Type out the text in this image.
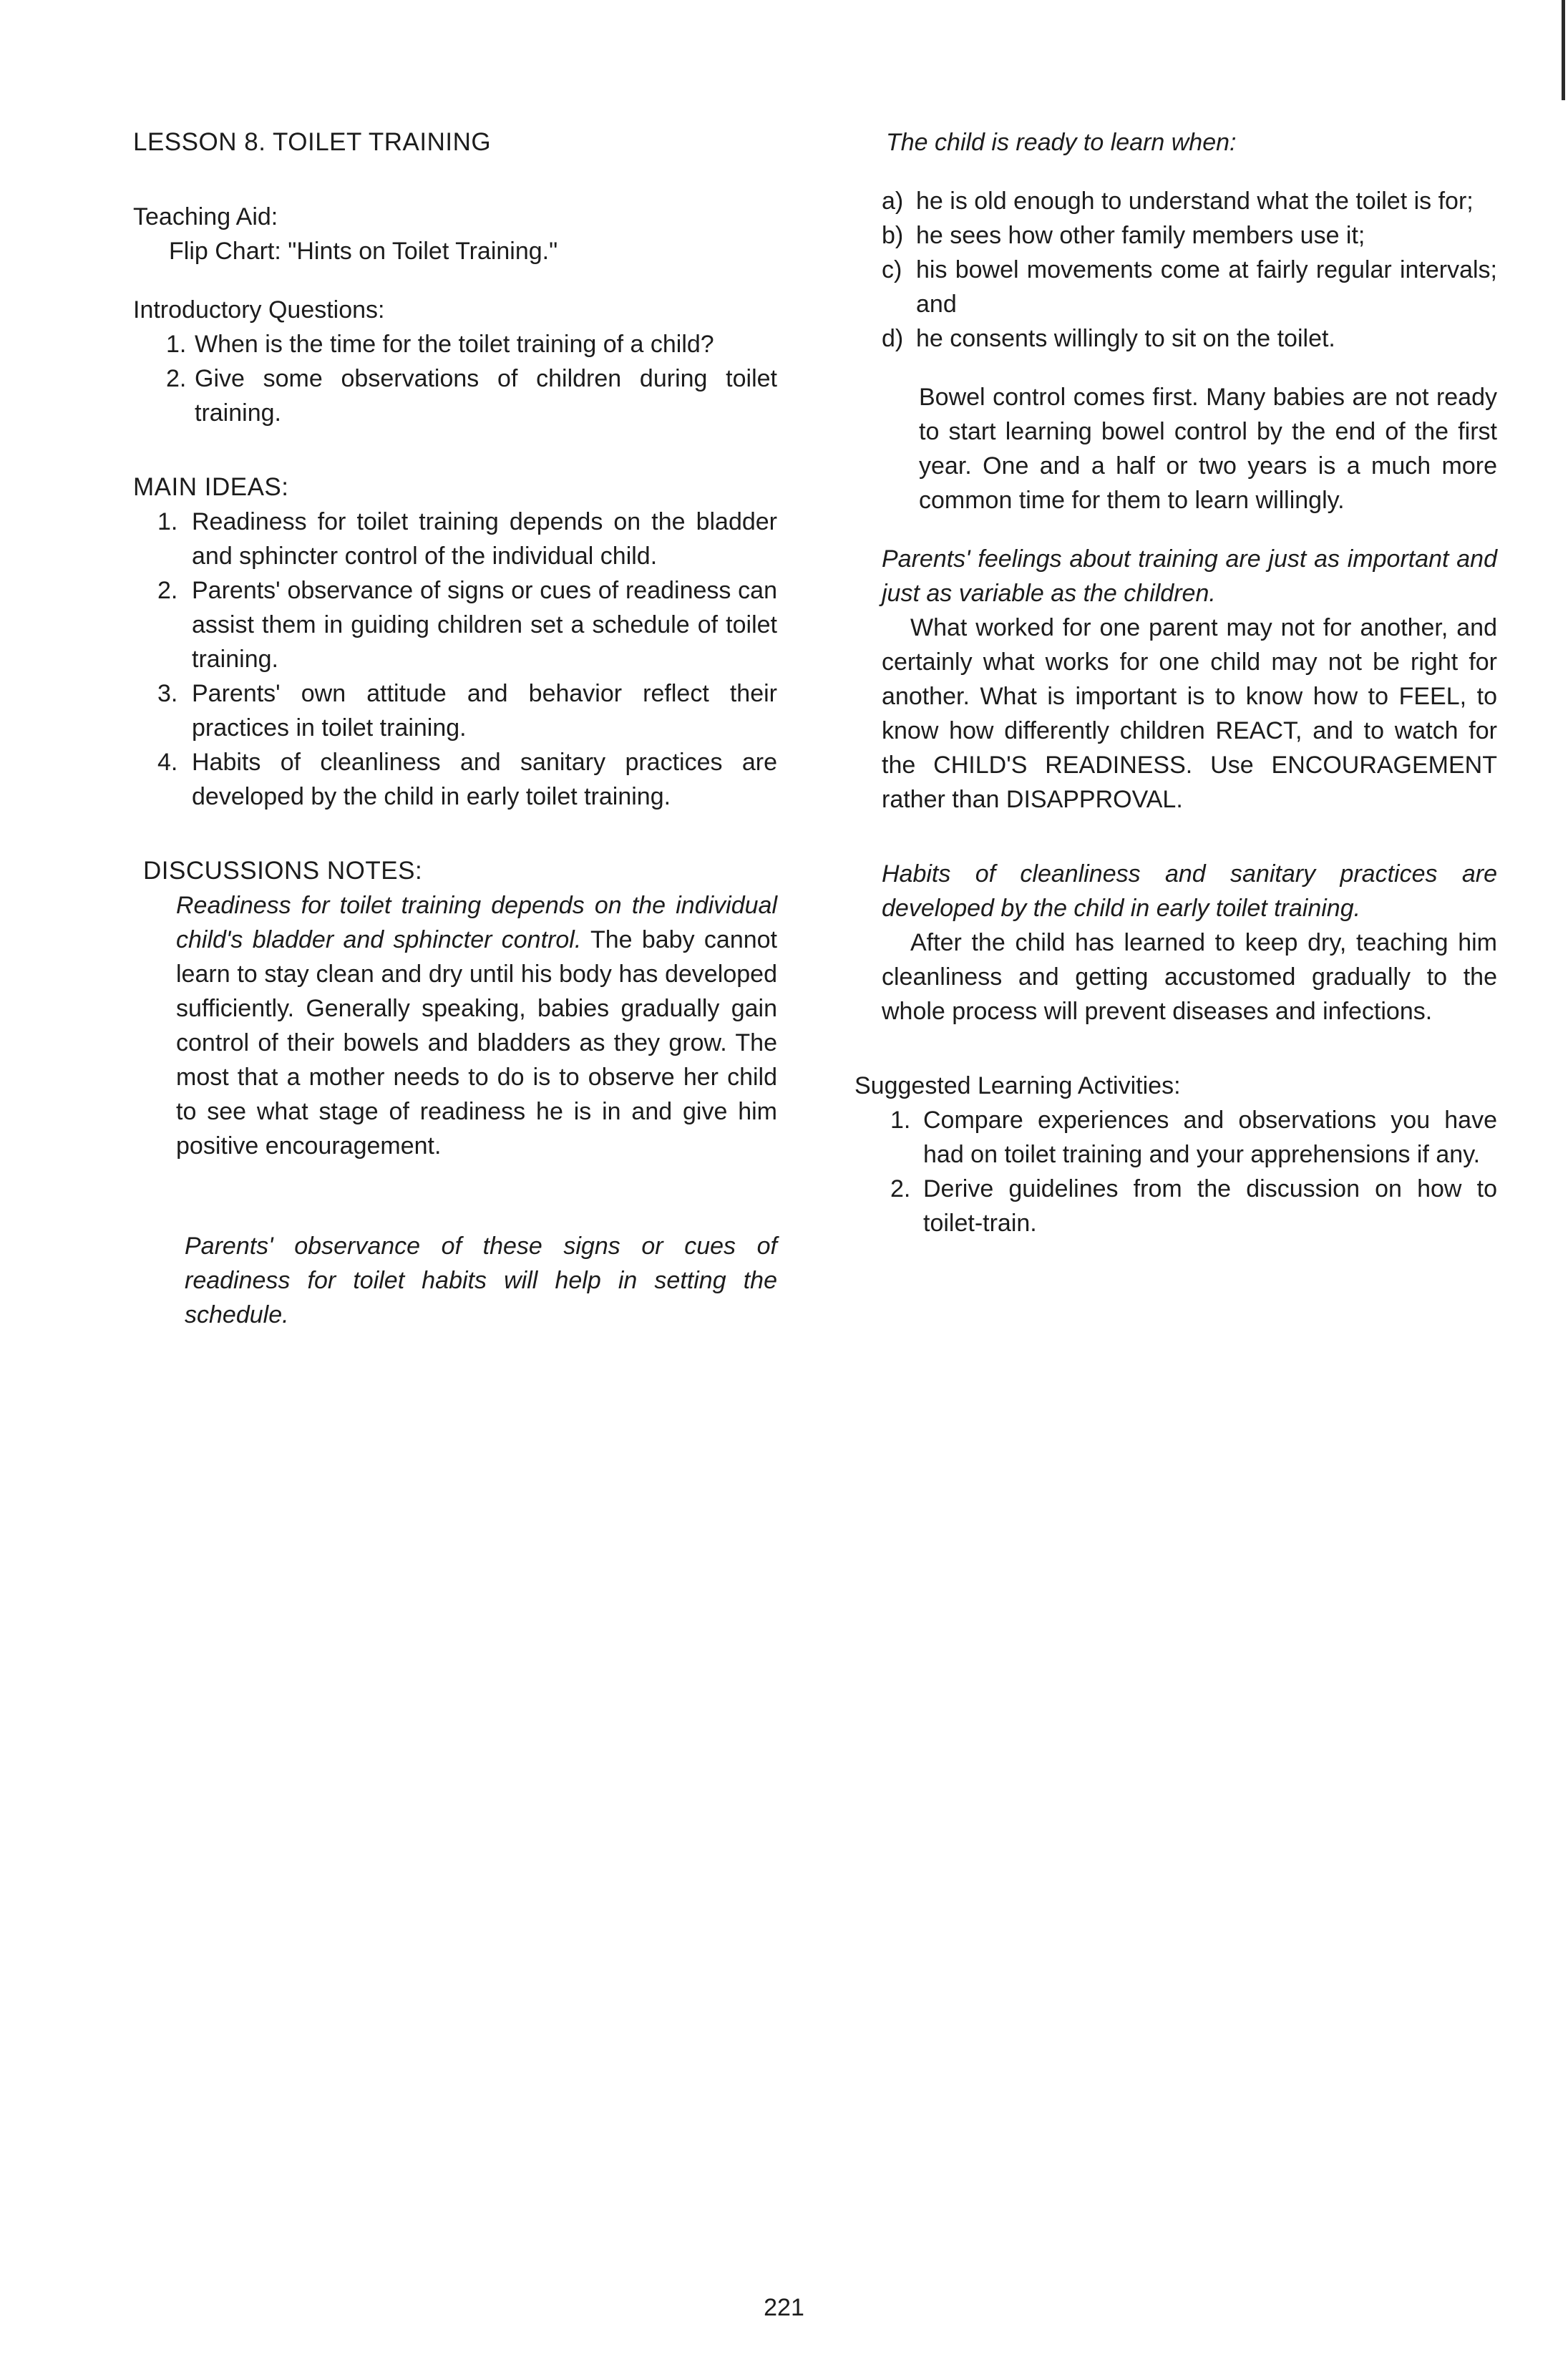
LESSON 8. TOILET TRAINING

Teaching Aid:

Flip Chart: "Hints on Toilet Training."

Introductory Questions:

1. When is the time for the toilet training of a child?
2. Give some observations of children during toilet training.
MAIN IDEAS:
1. Readiness for toilet training depends on the bladder and sphincter control of the individual child.
2. Parents' observance of signs or cues of readiness can assist them in guiding children set a schedule of toilet training.
3. Parents' own attitude and behavior reflect their practices in toilet training.
4. Habits of cleanliness and sanitary practices are developed by the child in early toilet training.
DISCUSSIONS NOTES:

Readiness for toilet training depends on the individual child's bladder and sphincter control. The baby cannot learn to stay clean and dry until his body has developed sufficiently. Generally speaking, babies gradually gain control of their bowels and bladders as they grow. The most that a mother needs to do is to observe her child to see what stage of readiness he is in and give him positive encouragement.

Parents' observance of these signs or cues of readiness for toilet habits will help in setting the schedule.

The child is ready to learn when:

a) he is old enough to understand what the toilet is for;
b) he sees how other family members use it;
c) his bowel movements come at fairly regular intervals; and
d) he consents willingly to sit on the toilet.

Bowel control comes first. Many babies are not ready to start learning bowel control by the end of the first year. One and a half or two years is a much more common time for them to learn willingly.

Parents' feelings about training are just as important and just as variable as the children.

What worked for one parent may not for another, and certainly what works for one child may not be right for another. What is important is to know how to FEEL, to know how differently children REACT, and to watch for the CHILD'S READINESS. Use ENCOURAGEMENT rather than DISAPPROVAL.

Habits of cleanliness and sanitary practices are developed by the child in early toilet training.

After the child has learned to keep dry, teaching him cleanliness and getting accustomed gradually to the whole process will prevent diseases and infections.

Suggested Learning Activities:

1. Compare experiences and observations you have had on toilet training and your apprehensions if any.
2. Derive guidelines from the discussion on how to toilet-train.
221
